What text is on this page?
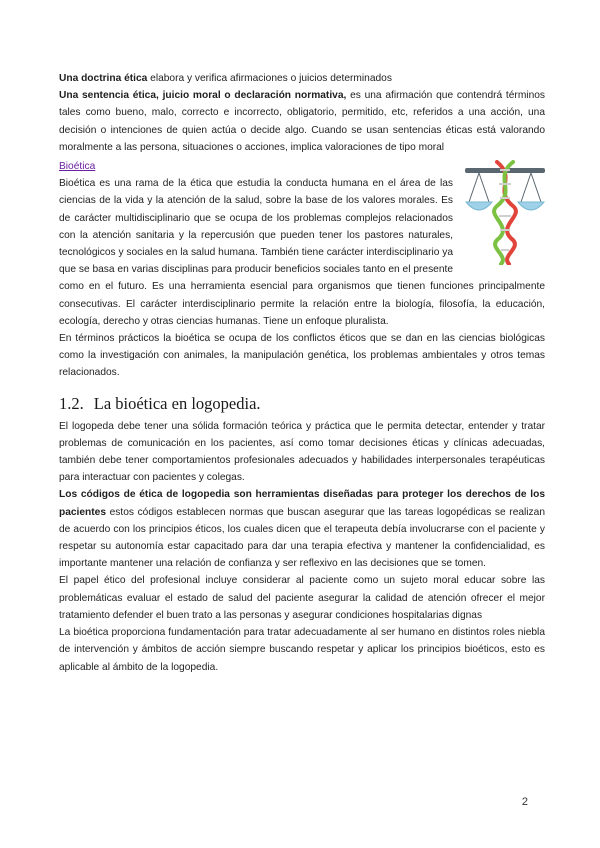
Una doctrina ética elabora y verifica afirmaciones o juicios determinados

Una sentencia ética, juicio moral o declaración normativa, es una afirmación que contendrá términos tales como bueno, malo, correcto e incorrecto, obligatorio, permitido, etc, referidos a una acción, una decisión o intenciones de quien actúa o decide algo. Cuando se usan sentencias éticas está valorando moralmente a las persona, situaciones o acciones, implica valoraciones de tipo moral

Bioética

Bioética es una rama de la ética que estudia la conducta humana en el área de las ciencias de la vida y la atención de la salud, sobre la base de los valores morales. Es de carácter multidisciplinario que se ocupa de los problemas complejos relacionados con la atención sanitaria y la repercusión que pueden tener los pastores naturales, tecnológicos y sociales en la salud humana. También tiene carácter interdisciplinario ya que se basa en varias disciplinas para producir beneficios sociales tanto en el presente como en el futuro. Es una herramienta esencial para organismos que tienen funciones principalmente consecutivas. El carácter interdisciplinario permite la relación entre la biología, filosofía, la educación, ecología, derecho y otras ciencias humanas. Tiene un enfoque pluralista.

En términos prácticos la bioética se ocupa de los conflictos éticos que se dan en las ciencias biológicas como la investigación con animales, la manipulación genética, los problemas ambientales y otros temas relacionados.

1.2. La bioética en logopedia.

El logopeda debe tener una sólida formación teórica y práctica que le permita detectar, entender y tratar problemas de comunicación en los pacientes, así como tomar decisiones éticas y clínicas adecuadas, también debe tener comportamientos profesionales adecuados y habilidades interpersonales terapéuticas para interactuar con pacientes y colegas.

Los códigos de ética de logopedia son herramientas diseñadas para proteger los derechos de los pacientes estos códigos establecen normas que buscan asegurar que las tareas logopédicas se realizan de acuerdo con los principios éticos, los cuales dicen que el terapeuta debía involucrarse con el paciente y respetar su autonomía estar capacitado para dar una terapia efectiva y mantener la confidencialidad, es importante mantener una relación de confianza y ser reflexivo en las decisiones que se tomen.

El papel ético del profesional incluye considerar al paciente como un sujeto moral educar sobre las problemáticas evaluar el estado de salud del paciente asegurar la calidad de atención ofrecer el mejor tratamiento defender el buen trato a las personas y asegurar condiciones hospitalarias dignas

La bioética proporciona fundamentación para tratar adecuadamente al ser humano en distintos roles niebla de intervención y ámbitos de acción siempre buscando respetar y aplicar los principios bioéticos, esto es aplicable al ámbito de la logopedia.

2
